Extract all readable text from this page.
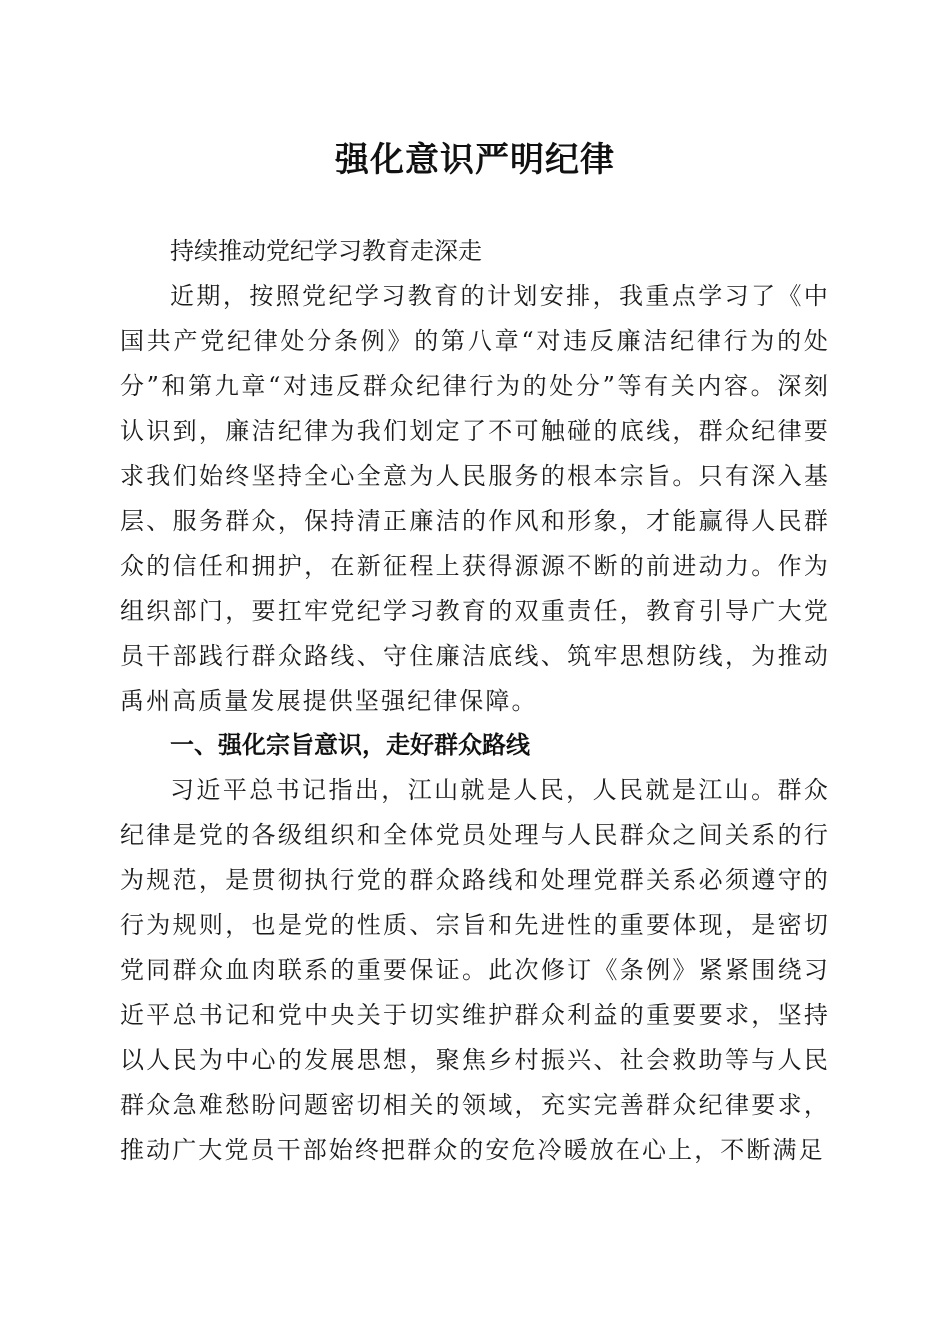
强化意识严明纪律
持续推动党纪学习教育走深走
近期，按照党纪学习教育的计划安排，我重点学习了《中国共产党纪律处分条例》的第八章“对违反廉洁纪律行为的处分”和第九章“对违反群众纪律行为的处分”等有关内容。深刻认识到，廉洁纪律为我们划定了不可触碰的底线，群众纪律要求我们始终坚持全心全意为人民服务的根本宗旨。只有深入基层、服务群众，保持清正廉洁的作风和形象，才能赢得人民群众的信任和拥护，在新征程上获得源源不断的前进动力。作为组织部门，要扛牢党纪学习教育的双重责任，教育引导广大党员干部践行群众路线、守住廉洁底线、筑牢思想防线，为推动禹州高质量发展提供坚强纪律保障。
一、强化宗旨意识，走好群众路线
习近平总书记指出，江山就是人民，人民就是江山。群众纪律是党的各级组织和全体党员处理与人民群众之间关系的行为规范，是贯彻执行党的群众路线和处理党群关系必须遵守的行为规则，也是党的性质、宗旨和先进性的重要体现，是密切党同群众血肉联系的重要保证。此次修订《条例》紧紧围绕习近平总书记和党中央关于切实维护群众利益的重要要求，坚持以人民为中心的发展思想，聚焦乡村振兴、社会救助等与人民群众急难愁盼问题密切相关的领域，充实完善群众纪律要求，推动广大党员干部始终把群众的安危冷暖放在心上，不断满足
